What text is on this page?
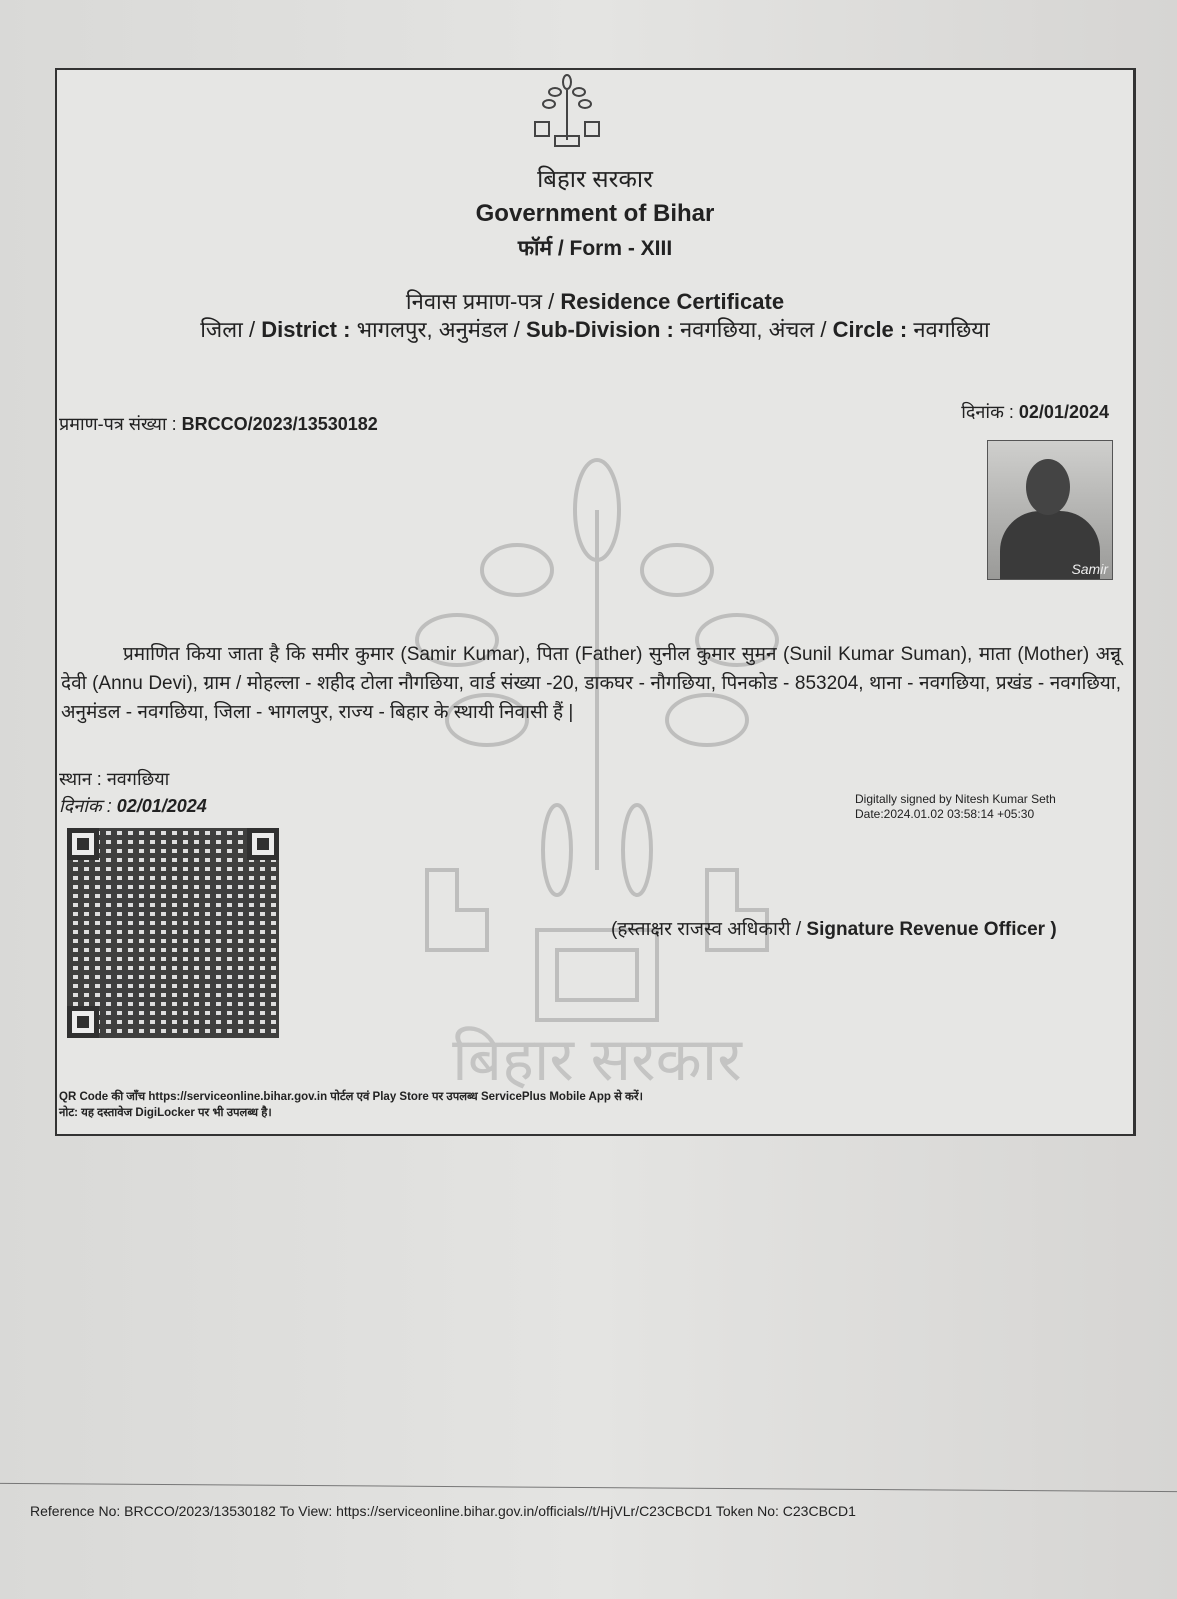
बिहार सरकार
बिहार सरकार
Government of Bihar
फॉर्म / Form - XIII
निवास प्रमाण-पत्र / Residence Certificate
जिला / District : भागलपुर, अनुमंडल / Sub-Division : नवगछिया, अंचल / Circle : नवगछिया
प्रमाण-पत्र संख्या : BRCCO/2023/13530182
दिनांक : 02/01/2024
Samir
प्रमाणित किया जाता है कि समीर कुमार (Samir Kumar), पिता (Father) सुनील कुमार सुमन (Sunil Kumar Suman), माता (Mother) अन्नू देवी (Annu Devi), ग्राम / मोहल्ला - शहीद टोला नौगछिया, वार्ड संख्या -20, डाकघर - नौगछिया, पिनकोड - 853204, थाना - नवगछिया, प्रखंड - नवगछिया, अनुमंडल - नवगछिया, जिला - भागलपुर, राज्य - बिहार के स्थायी निवासी हैं |
स्थान : नवगछिया
दिनांक : 02/01/2024	Digitally signed by Nitesh Kumar Seth
Date:2024.01.02 03:58:14 +05:30
(हस्ताक्षर राजस्व अधिकारी / Signature Revenue Officer )
QR Code की जाँच https://serviceonline.bihar.gov.in पोर्टल एवं Play Store पर उपलब्ध ServicePlus Mobile App से करें।
नोट: यह दस्तावेज DigiLocker पर भी उपलब्ध है।
Reference No: BRCCO/2023/13530182 To View: https://serviceonline.bihar.gov.in/officials//t/HjVLr/C23CBCD1 Token No: C23CBCD1
